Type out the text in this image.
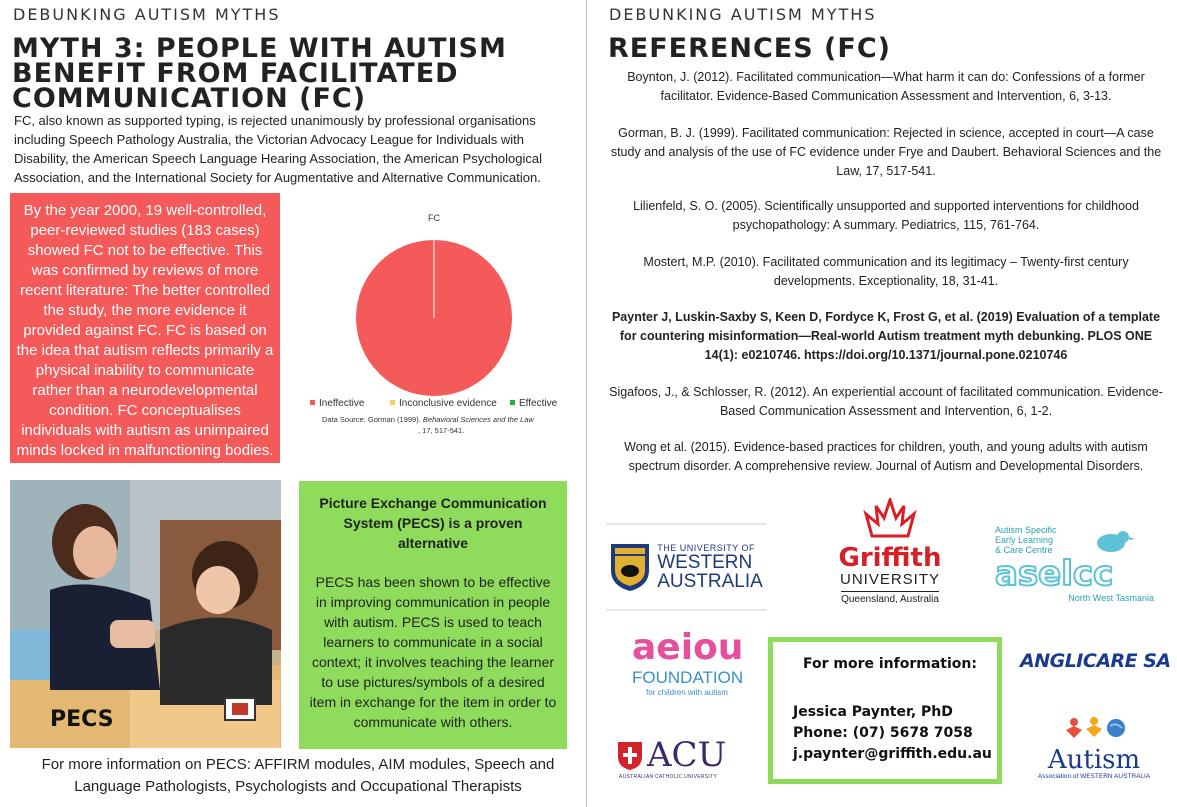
DEBUNKING AUTISM MYTHS
MYTH 3: PEOPLE WITH AUTISM
BENEFIT FROM FACILITATED
COMMUNICATION (FC)
FC, also known as supported typing, is rejected unanimously by professional organisations including Speech Pathology Australia, the Victorian Advocacy League for Individuals with Disability, the American Speech Language Hearing Association, the American Psychological Association, and the International Society for Augmentative and Alternative Communication.
By the year 2000, 19 well-controlled, peer-reviewed studies (183 cases) showed FC not to be effective. This was confirmed by reviews of more recent literature: The better controlled the study, the more evidence it provided against FC. FC is based on the idea that autism reflects primarily a physical inability to communicate rather than a neurodevelopmental condition. FC conceptualises individuals with autism as unimpaired minds locked in malfunctioning bodies.
FC
Ineffective	Inconclusive evidence Effective
Data Source: Gorman (1999). Behavioral Sciences and the Law
, 17, 517-541.
PECS
Picture Exchange Communication System (PECS) is a proven alternative
PECS has been shown to be effective in improving communication in people with autism. PECS is used to teach learners to communicate in a social context; it involves teaching the learner to use pictures/symbols of a desired item in exchange for the item in order to communicate with others.
For more information on PECS: AFFIRM modules, AIM modules, Speech and Language Pathologists, Psychologists and Occupational Therapists
DEBUNKING AUTISM MYTHS
REFERENCES (FC)
Boynton, J. (2012). Facilitated communication—What harm it can do: Confessions of a former facilitator. Evidence-Based Communication Assessment and Intervention, 6, 3-13.
Gorman, B. J. (1999). Facilitated communication: Rejected in science, accepted in court—A case study and analysis of the use of FC evidence under Frye and Daubert. Behavioral Sciences and the Law, 17, 517-541.
Lilienfeld, S. O. (2005). Scientifically unsupported and supported interventions for childhood psychopathology: A summary. Pediatrics, 115, 761-764.
Mostert, M.P. (2010). Facilitated communication and its legitimacy – Twenty-first century developments. Exceptionality, 18, 31-41.
Paynter J, Luskin-Saxby S, Keen D, Fordyce K, Frost G, et al. (2019) Evaluation of a template for countering misinformation—Real-world Autism treatment myth debunking. PLOS ONE 14(1): e0210746. https://doi.org/10.1371/journal.pone.0210746
Sigafoos, J., & Schlosser, R. (2012). An experiential account of facilitated communication. Evidence-Based Communication Assessment and Intervention, 6, 1-2.
Wong et al. (2015). Evidence-based practices for children, youth, and young adults with autism spectrum disorder. A comprehensive review. Journal of Autism and Developmental Disorders.
THE UNIVERSITY OF
WESTERN
AUSTRALIA
Griffith
UNIVERSITY
Queensland, Australia
Autism Specific
Early Learning
& Care Centre
aselcc
North West Tasmania
aeiou
FOUNDATION
for children with autism
ACU
AUSTRALIAN CATHOLIC UNIVERSITY
For more information:
Jessica Paynter, PhD
Phone: (07) 5678 7058
j.paynter@griffith.edu.au
ANGLICARE SA
Autism
Association of WESTERN AUSTRALIA
